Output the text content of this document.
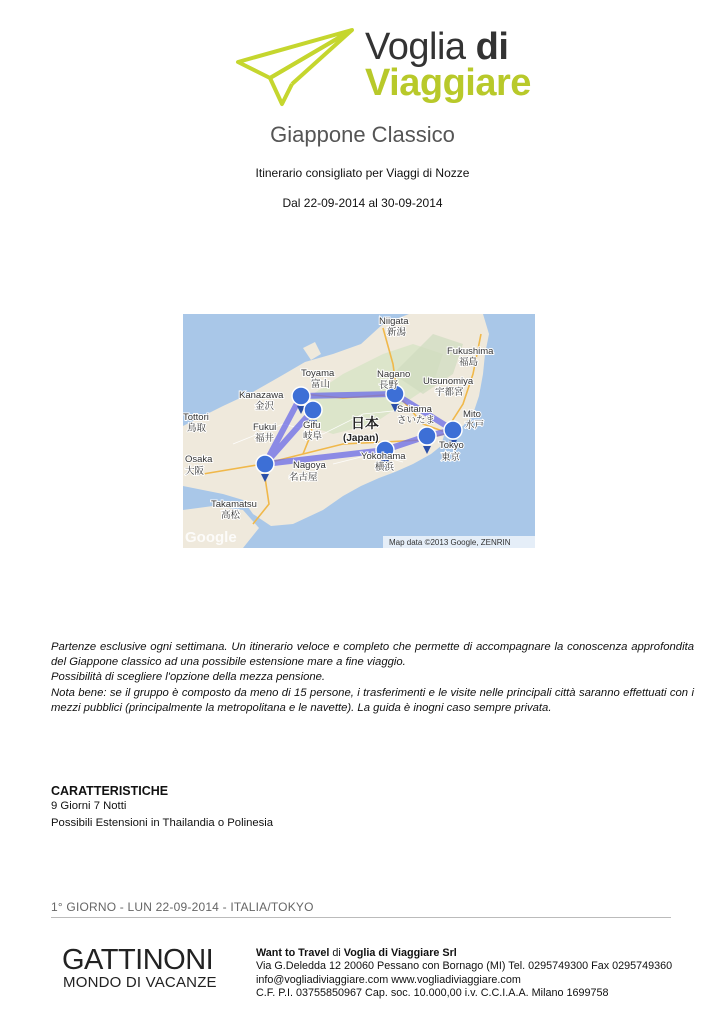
Voglia di
Viaggiare
Giappone Classico
Itinerario consigliato per Viaggi di Nozze
Dal 22-09-2014 al 30-09-2014
Niigata
新潟
Fukushima
福島
Toyama
富山
Nagano
長野	Utsunomiya
宇都宮
Kanazawa
金沢
Mito
水戸
Tottori
鳥取	Fukui
福井
Gifu
岐阜
Saitama
さいたま
日本
(Japan)
Tokyo
東京
Osaka
大阪
Nagoya
名古屋
Yokohama
横浜
Takamatsu
高松
Google	Map data ©2013 Google, ZENRIN

Partenze esclusive ogni settimana. Un itinerario veloce e completo che permette di accompagnare la conoscenza approfondita del Giappone classico ad una possibile estensione mare a fine viaggio.

Possibilità di scegliere l'opzione della mezza pensione.

Nota bene: se il gruppo è composto da meno di 15 persone, i trasferimenti e le visite nelle principali città saranno effettuati con i mezzi pubblici (principalmente la metropolitana e le navette). La guida è inogni caso sempre privata.

CARATTERISTICHE
9 Giorni 7 Notti
Possibili Estensioni in Thailandia o Polinesia
1° GIORNO - LUN 22-09-2014 - ITALIA/TOKYO
GATTINONI
MONDO DI VACANZE
Want to Travel di Voglia di Viaggiare Srl
Via G.Deledda 12 20060 Pessano con Bornago (MI) Tel. 0295749300 Fax 0295749360
info@vogliadiviaggiare.com www.vogliadiviaggiare.com
C.F. P.I. 03755850967 Cap. soc. 10.000,00 i.v. C.C.I.A.A. Milano 1699758
